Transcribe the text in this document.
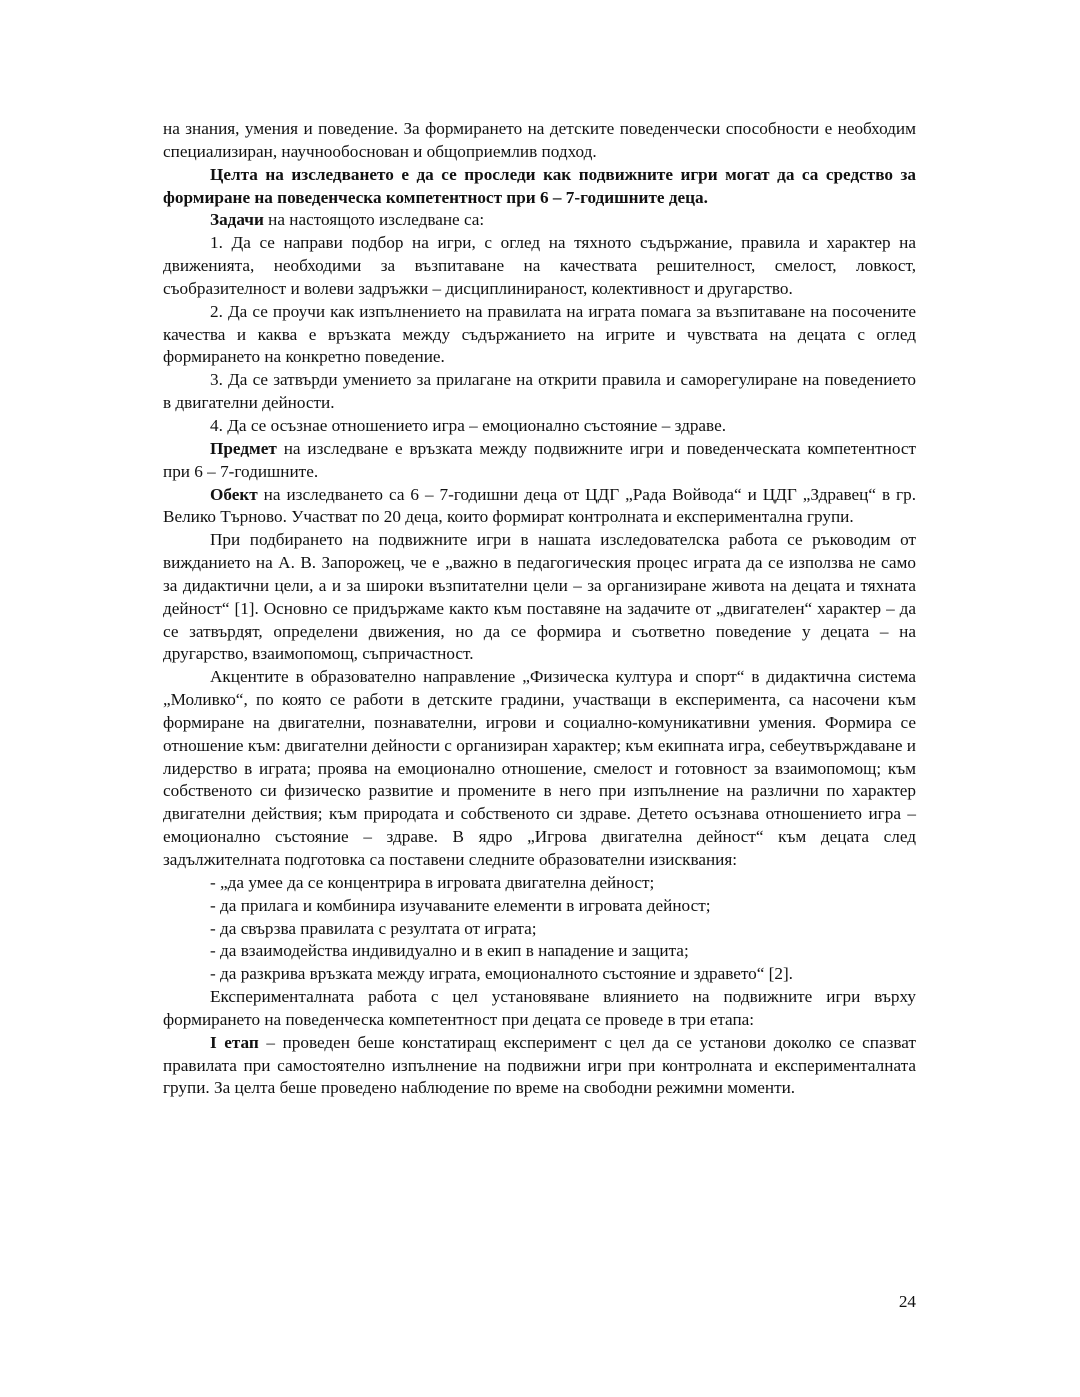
на знания, умения и поведение. За формирането на детските поведенчески способности е необходим специализиран, научнообоснован и общоприемлив подход.

Целта на изследването е да се проследи как подвижните игри могат да са средство за формиране на поведенческа компетентност при 6 – 7-годишните деца.

Задачи на настоящото изследване са:

1. Да се направи подбор на игри, с оглед на тяхното съдържание, правила и характер на движенията, необходими за възпитаване на качествата решителност, смелост, ловкост, съобразителност и волеви задръжки – дисциплинираност, колективност и другарство.

2. Да се проучи как изпълнението на правилата на играта помага за възпитаване на посочените качества и каква е връзката между съдържанието на игрите и чувствата на децата с оглед формирането на конкретно поведение.

3. Да се затвърди умението за прилагане на открити правила и саморегулиране на поведението в двигателни дейности.

4. Да се осъзнае отношението игра – емоционално състояние – здраве.

Предмет на изследване е връзката между подвижните игри и поведенческата компетентност при 6 – 7-годишните.

Обект на изследването са 6 – 7-годишни деца от ЦДГ „Рада Войвода“ и ЦДГ „Здравец“ в гр. Велико Търново. Участват по 20 деца, които формират контролната и експериментална групи.

При подбирането на подвижните игри в нашата изследователска работа се ръководим от вижданието на А. В. Запорожец, че е „важно в педагогическия процес играта да се използва не само за дидактични цели, а и за широки възпитателни цели – за организиране живота на децата и тяхната дейност“ [1]. Основно се придържаме както към поставяне на задачите от „двигателен“ характер – да се затвърдят, определени движения, но да се формира и съответно поведение у децата – на другарство, взаимопомощ, съпричастност.

Акцентите в образователно направление „Физическа култура и спорт“ в дидактична система „Моливко“, по която се работи в детските градини, участващи в експеримента, са насочени към формиране на двигателни, познавателни, игрови и социално-комуникативни умения. Формира се отношение към: двигателни дейности с организиран характер; към екипната игра, себеутвърждаване и лидерство в играта; проява на емоционално отношение, смелост и готовност за взаимопомощ; към собственото си физическо развитие и промените в него при изпълнение на различни по характер двигателни действия; към природата и собственото си здраве. Детето осъзнава отношението игра – емоционално състояние – здраве. В ядро „Игрова двигателна дейност“ към децата след задължителната подготовка са поставени следните образователни изисквания:

- „да умее да се концентрира в игровата двигателна дейност;

- да прилага и комбинира изучаваните елементи в игровата дейност;

- да свързва правилата с резултата от играта;

- да взаимодейства индивидуално и в екип в нападение и защита;

- да разкрива връзката между играта, емоционалното състояние и здравето“ [2].

Експерименталната работа с цел установяване влиянието на подвижните игри върху формирането на поведенческа компетентност при децата се проведе в три етапа:

I етап – проведен беше констатиращ експеримент с цел да се установи доколко се спазват правилата при самостоятелно изпълнение на подвижни игри при контролната и експерименталната групи. За целта беше проведено наблюдение по време на свободни режимни моменти.

24
